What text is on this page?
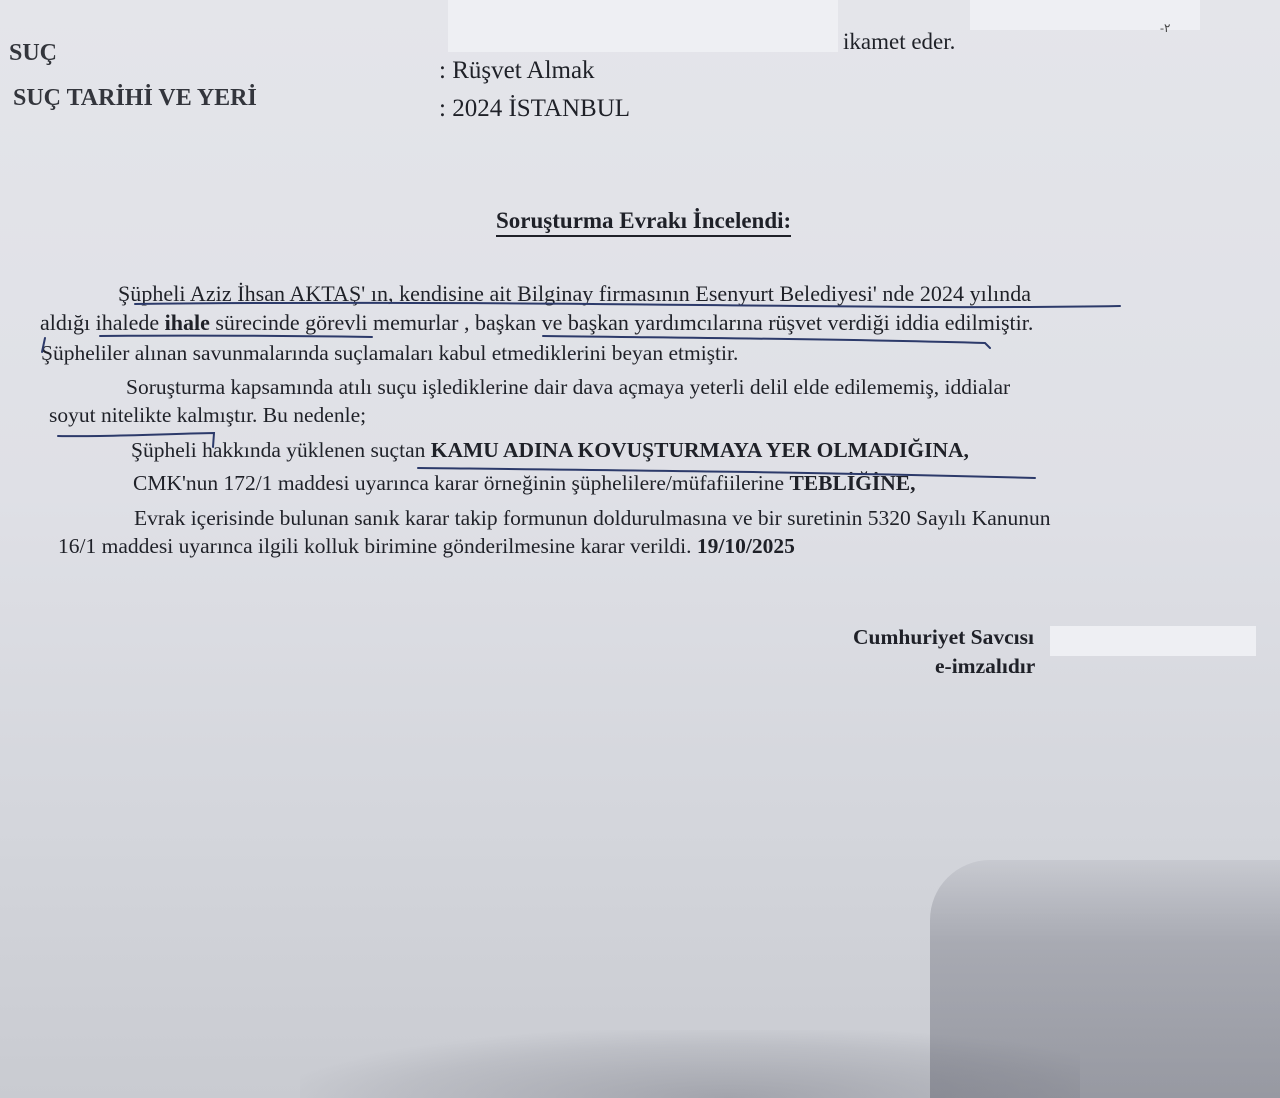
ikamet eder.
-٢
SUÇ
SUÇ TARİHİ VE YERİ
: Rüşvet Almak
: 2024 İSTANBUL
Soruşturma Evrakı İncelendi:
Şüpheli Aziz İhsan AKTAŞ' ın, kendisine ait Bilginay firmasının Esenyurt Belediyesi' nde 2024 yılında
aldığı ihalede ihale sürecinde görevli memurlar , başkan ve başkan yardımcılarına rüşvet verdiği iddia edilmiştir.
Şüpheliler alınan savunmalarında suçlamaları kabul etmediklerini beyan etmiştir.
Soruşturma kapsamında atılı suçu işlediklerine dair dava açmaya yeterli delil elde edilememiş, iddialar
soyut nitelikte kalmıştır. Bu nedenle;
Şüpheli hakkında yüklenen suçtan KAMU ADINA KOVUŞTURMAYA YER OLMADIĞINA,
CMK'nun 172/1 maddesi uyarınca karar örneğinin şüphelilere/müfafiilerine TEBLİĞİNE,
Evrak içerisinde bulunan sanık karar takip formunun doldurulmasına ve bir suretinin 5320 Sayılı Kanunun
16/1 maddesi uyarınca ilgili kolluk birimine gönderilmesine karar verildi. 19/10/2025
Cumhuriyet Savcısı
e-imzalıdır
